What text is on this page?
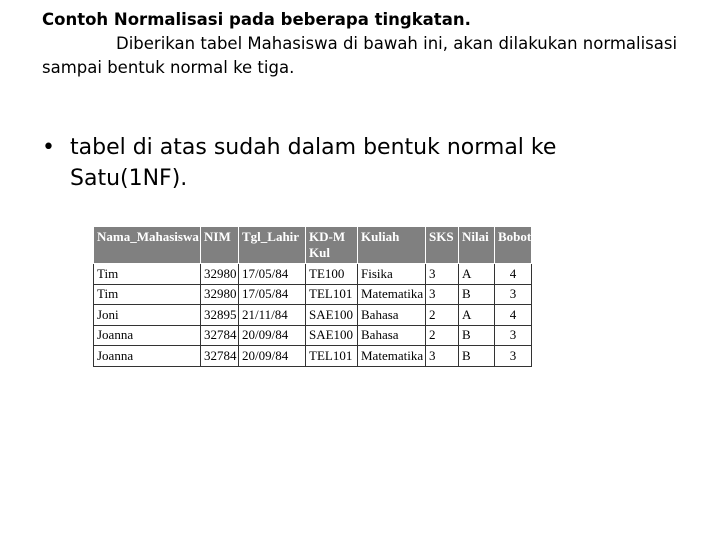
Contoh Normalisasi pada beberapa tingkatan.
Diberikan tabel Mahasiswa di bawah ini, akan dilakukan normalisasi sampai bentuk normal ke tiga.
• tabel di atas sudah dalam bentuk normal ke Satu(1NF).
Nama_Mahasiswa	NIM	Tgl_Lahir	KD-MKul	Kuliah	SKS	Nilai	Bobot
Tim	32980	17/05/84	TE100	Fisika	3	A	4
Tim	32980	17/05/84	TEL101	Matematika	3	B	3
Joni	32895	21/11/84	SAE100	Bahasa	2	A	4
Joanna	32784	20/09/84	SAE100	Bahasa	2	B	3
Joanna	32784	20/09/84	TEL101	Matematika	3	B	3
